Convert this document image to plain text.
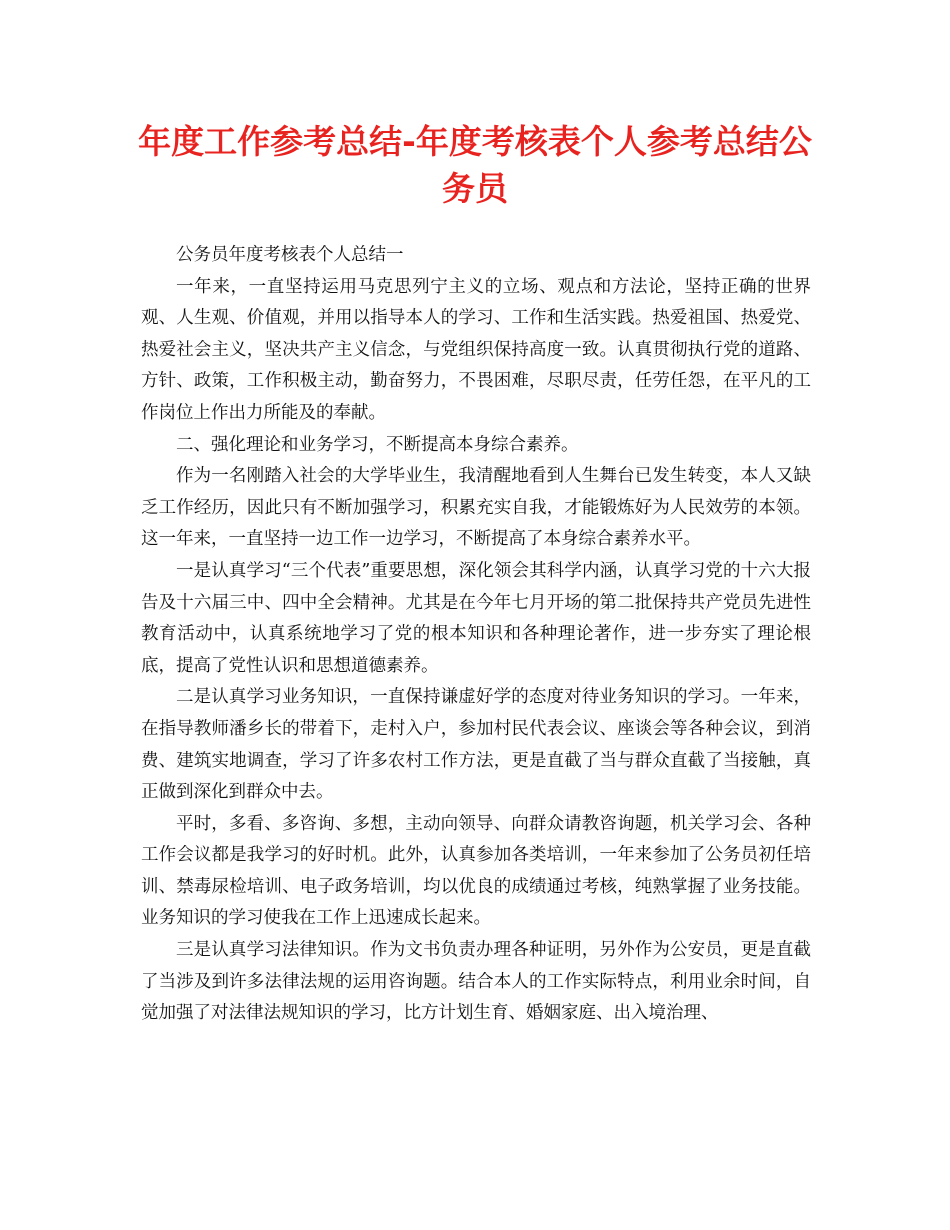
年度工作参考总结-年度考核表个人参考总结公务员

公务员年度考核表个人总结一

一年来，一直坚持运用马克思列宁主义的立场、观点和方法论，坚持正确的世界观、人生观、价值观，并用以指导本人的学习、工作和生活实践。热爱祖国、热爱党、热爱社会主义，坚决共产主义信念，与党组织保持高度一致。认真贯彻执行党的道路、方针、政策，工作积极主动，勤奋努力，不畏困难，尽职尽责，任劳任怨，在平凡的工作岗位上作出力所能及的奉献。

二、强化理论和业务学习，不断提高本身综合素养。

作为一名刚踏入社会的大学毕业生，我清醒地看到人生舞台已发生转变，本人又缺乏工作经历，因此只有不断加强学习，积累充实自我，才能锻炼好为人民效劳的本领。这一年来，一直坚持一边工作一边学习，不断提高了本身综合素养水平。

一是认真学习“三个代表”重要思想，深化领会其科学内涵，认真学习党的十六大报告及十六届三中、四中全会精神。尤其是在今年七月开场的第二批保持共产党员先进性教育活动中，认真系统地学习了党的根本知识和各种理论著作，进一步夯实了理论根底，提高了党性认识和思想道德素养。

二是认真学习业务知识，一直保持谦虚好学的态度对待业务知识的学习。一年来，在指导教师潘乡长的带着下，走村入户，参加村民代表会议、座谈会等各种会议，到消费、建筑实地调查，学习了许多农村工作方法，更是直截了当与群众直截了当接触，真正做到深化到群众中去。

平时，多看、多咨询、多想，主动向领导、向群众请教咨询题，机关学习会、各种工作会议都是我学习的好时机。此外，认真参加各类培训，一年来参加了公务员初任培训、禁毒尿检培训、电子政务培训，均以优良的成绩通过考核，纯熟掌握了业务技能。业务知识的学习使我在工作上迅速成长起来。

三是认真学习法律知识。作为文书负责办理各种证明，另外作为公安员，更是直截了当涉及到许多法律法规的运用咨询题。结合本人的工作实际特点，利用业余时间，自觉加强了对法律法规知识的学习，比方计划生育、婚姻家庭、出入境治理、
